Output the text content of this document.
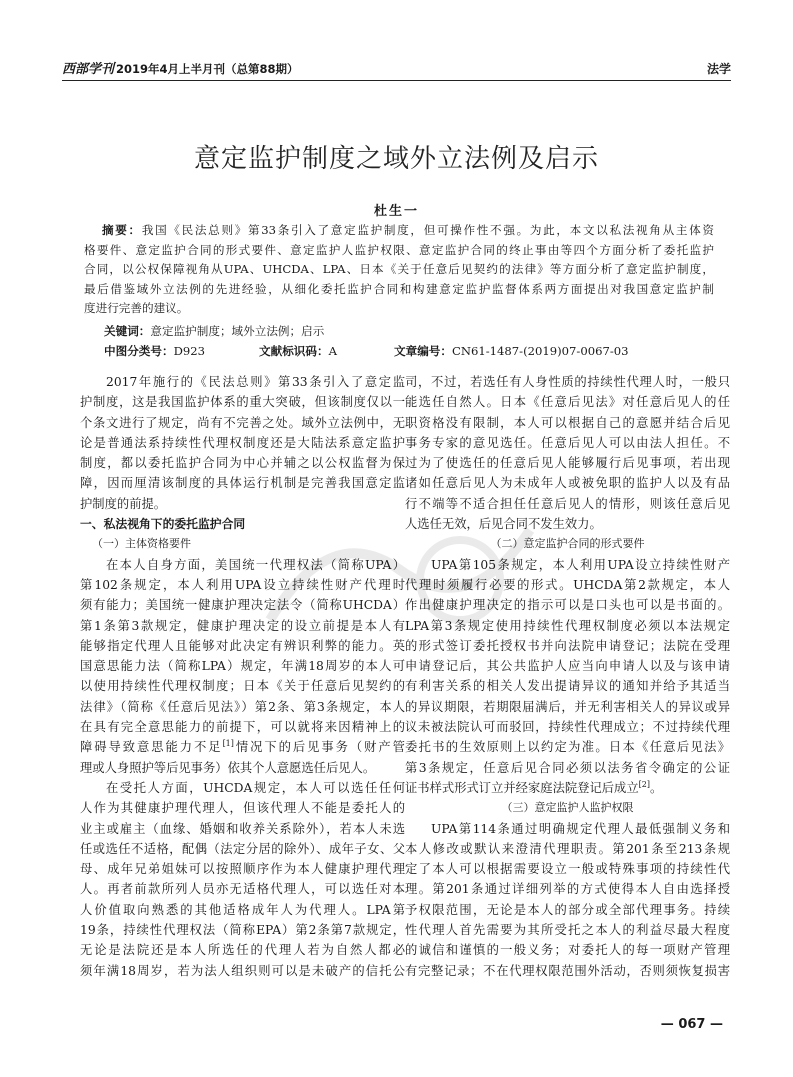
西部学刊 2019年4月上半月刊（总第88期）	法学
意定监护制度之域外立法例及启示
杜生一
摘要：我国《民法总则》第33条引入了意定监护制度，但可操作性不强。为此，本文以私法视角从主体资
格要件、意定监护合同的形式要件、意定监护人监护权限、意定监护合同的终止事由等四个方面分析了委托监护
合同，以公权保障视角从UPA、UHCDA、LPA、日本《关于任意后见契约的法律》等方面分析了意定监护制度，
最后借鉴域外立法例的先进经验，从细化委托监护合同和构建意定监护监督体系两方面提出对我国意定监护制
度进行完善的建议。
关键词：意定监护制度；域外立法例；启示
中图分类号：D923	文献标识码：A	文章编号：CN61-1487-(2019)07-0067-03
2017年施行的《民法总则》第33条引入了意定监
护制度，这是我国监护体系的重大突破，但该制度仅以一
个条文进行了规定，尚有不完善之处。域外立法例中，无
论是普通法系持续性代理权制度还是大陆法系意定监护
制度，都以委托监护合同为中心并辅之以公权监督为保
障，因而厘清该制度的具体运行机制是完善我国意定监
护制度的前提。
一、私法视角下的委托监护合同
（一）主体资格要件
在本人自身方面，美国统一代理权法（简称UPA）
第102条规定，本人利用UPA设立持续性财产代理时
须有能力；美国统一健康护理决定法令（简称UHCDA）
第1条第3款规定，健康护理决定的设立前提是本人有
能够指定代理人且能够对此决定有辨识利弊的能力。英
国意思能力法（简称LPA）规定，年满18周岁的本人可
以使用持续性代理权制度；日本《关于任意后见契约的
法律》（简称《任意后见法》）第2条、第3条规定，本人
在具有完全意思能力的前提下，可以就将来因精神上的
障碍导致意思能力不足[1]情况下的后见事务（财产管
理或人身照护等后见事务）依其个人意愿选任后见人。
在受托人方面，UHCDA规定，本人可以选任任何
人作为其健康护理代理人，但该代理人不能是委托人的
业主或雇主（血缘、婚姻和收养关系除外），若本人未选
任或选任不适格，配偶（法定分居的除外）、成年子女、父
母、成年兄弟姐妹可以按照顺序作为本人健康护理代理
人。再者前款所列人员亦无适格代理人，可以选任对本
人价值取向熟悉的其他适格成年人为代理人。LPA第
19条，持续性代理权法（简称EPA）第2条第7款规定，
无论是法院还是本人所选任的代理人若为自然人都必
须年满18周岁，若为法人组织则可以是未破产的信托公
司，不过，若选任有人身性质的持续性代理人时，一般只
能选任自然人。日本《任意后见法》对任意后见人的任
职资格没有限制，本人可以根据自己的意愿并结合后见
事务专家的意见选任。任意后见人可以由法人担任。不
过为了使选任的任意后见人能够履行后见事项，若出现
诸如任意后见人为未成年人或被免职的监护人以及有品
行不端等不适合担任任意后见人的情形，则该任意后见
人选任无效，后见合同不发生效力。
（二）意定监护合同的形式要件
UPA第105条规定，本人利用UPA设立持续性财产
代理时须履行必要的形式。UHCDA第2款规定，本人
作出健康护理决定的指示可以是口头也可以是书面的。
LPA第3条规定使用持续性代理权制度必须以本法规定
的形式签订委托授权书并向法院申请登记；法院在受理
申请登记后，其公共监护人应当向申请人以及与该申请
有利害关系的相关人发出提请异议的通知并给予其适当
的异议期限，若期限届满后，并无利害相关人的异议或异
议未被法院认可而驳回，持续性代理成立；不过持续代理
委托书的生效原则上以约定为准。日本《任意后见法》
第3条规定，任意后见合同必须以法务省令确定的公证
证书样式形式订立并经家庭法院登记后成立[2]。
（三）意定监护人监护权限
UPA第114条通过明确规定代理人最低强制义务和
本人修改或默认来澄清代理职责。第201条至213条规
定了本人可以根据需要设立一般或特殊事项的持续性代
理。第201条通过详细列举的方式使得本人自由选择授
予权限范围，无论是本人的部分或全部代理事务。持续
性代理人首先需要为其所受托之本人的利益尽最大程度
的诚信和谨慎的一般义务；对委托人的每一项财产管理
有完整记录；不在代理权限范围外活动，否则须恢复损害
— 067 —
